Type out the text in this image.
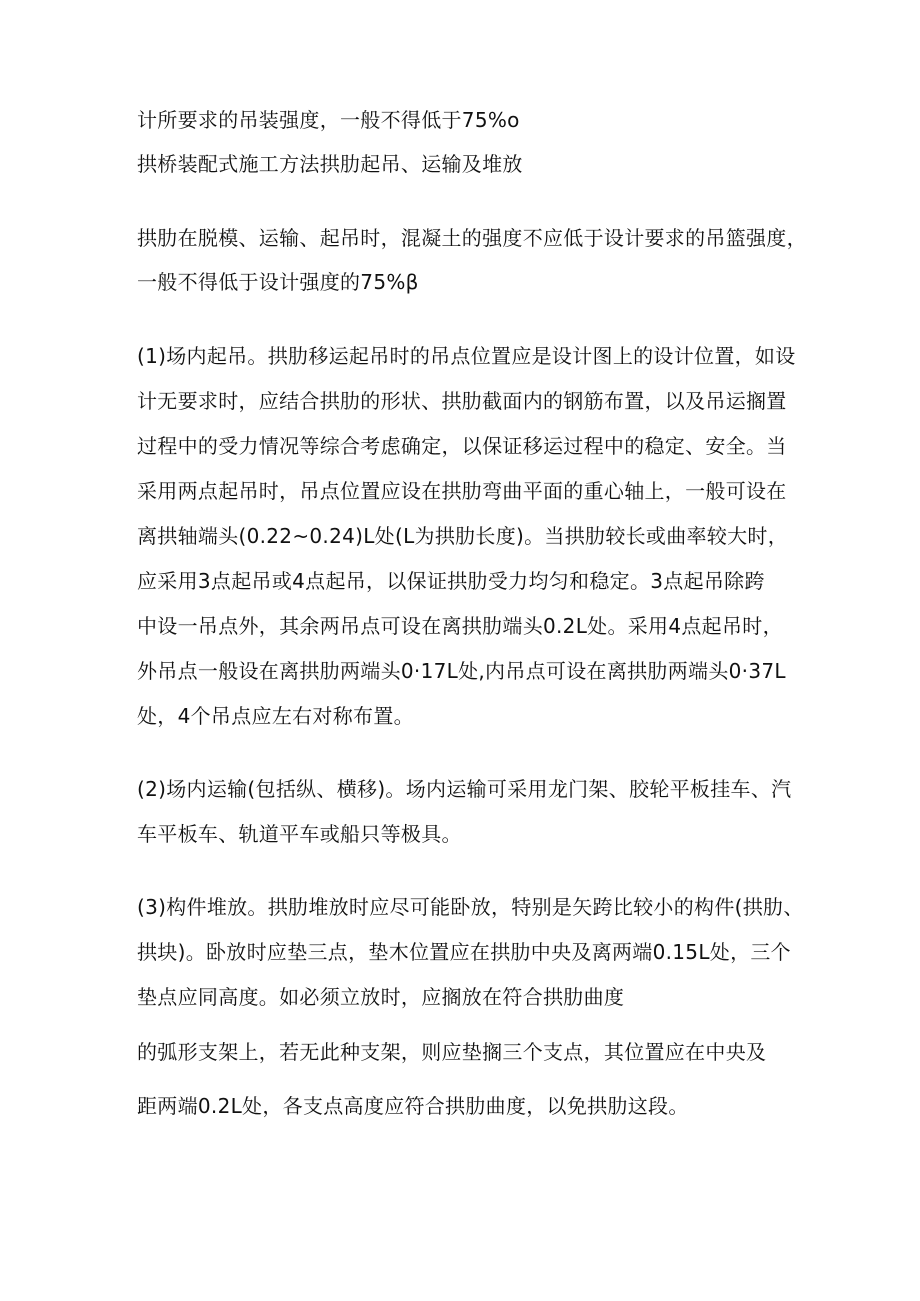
计所要求的吊装强度，一般不得低于75%o
拱桥装配式施工方法拱肋起吊、运输及堆放
拱肋在脱模、运输、起吊时，混凝土的强度不应低于设计要求的吊篮强度，
一般不得低于设计强度的75%β
(1)场内起吊。拱肋移运起吊时的吊点位置应是设计图上的设计位置，如设
计无要求时，应结合拱肋的形状、拱肋截面内的钢筋布置，以及吊运搁置
过程中的受力情况等综合考虑确定，以保证移运过程中的稳定、安全。当
采用两点起吊时，吊点位置应设在拱肋弯曲平面的重心轴上，一般可设在
离拱轴端头(0.22~0.24)L处(L为拱肋长度)。当拱肋较长或曲率较大时，
应采用3点起吊或4点起吊，以保证拱肋受力均匀和稳定。3点起吊除跨
中设一吊点外，其余两吊点可设在离拱肋端头0.2L处。采用4点起吊时，
外吊点一般设在离拱肋两端头0·17L处,内吊点可设在离拱肋两端头0·37L
处，4个吊点应左右对称布置。
(2)场内运输(包括纵、横移)。场内运输可采用龙门架、胶轮平板挂车、汽
车平板车、轨道平车或船只等极具。
(3)构件堆放。拱肋堆放时应尽可能卧放，特别是矢跨比较小的构件(拱肋、
拱块)。卧放时应垫三点，垫木位置应在拱肋中央及离两端0.15L处，三个
垫点应同高度。如必须立放时，应搁放在符合拱肋曲度
的弧形支架上，若无此种支架，则应垫搁三个支点，其位置应在中央及
距两端0.2L处，各支点高度应符合拱肋曲度，以免拱肋这段。
